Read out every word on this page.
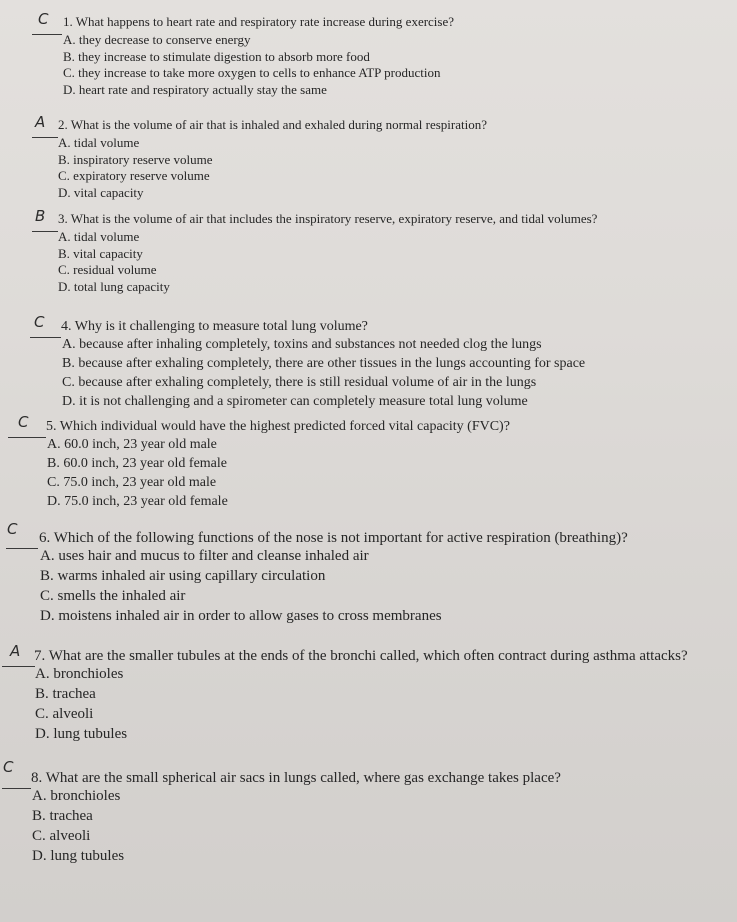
C 1. What happens to heart rate and respiratory rate increase during exercise?
A. they decrease to conserve energy
B. they increase to stimulate digestion to absorb more food
C. they increase to take more oxygen to cells to enhance ATP production
D. heart rate and respiratory actually stay the same
A 2. What is the volume of air that is inhaled and exhaled during normal respiration?
A. tidal volume
B. inspiratory reserve volume
C. expiratory reserve volume
D. vital capacity
B 3. What is the volume of air that includes the inspiratory reserve, expiratory reserve, and tidal volumes?
A. tidal volume
B. vital capacity
C. residual volume
D. total lung capacity
C 4. Why is it challenging to measure total lung volume?
A. because after inhaling completely, toxins and substances not needed clog the lungs
B. because after exhaling completely, there are other tissues in the lungs accounting for space
C. because after exhaling completely, there is still residual volume of air in the lungs
D. it is not challenging and a spirometer can completely measure total lung volume
C 5. Which individual would have the highest predicted forced vital capacity (FVC)?
A. 60.0 inch, 23 year old male
B. 60.0 inch, 23 year old female
C. 75.0 inch, 23 year old male
D. 75.0 inch, 23 year old female
C 6. Which of the following functions of the nose is not important for active respiration (breathing)?
A. uses hair and mucus to filter and cleanse inhaled air
B. warms inhaled air using capillary circulation
C. smells the inhaled air
D. moistens inhaled air in order to allow gases to cross membranes
A 7. What are the smaller tubules at the ends of the bronchi called, which often contract during asthma attacks?
A. bronchioles
B. trachea
C. alveoli
D. lung tubules
C
8. What are the small spherical air sacs in lungs called, where gas exchange takes place?
A. bronchioles
B. trachea
C. alveoli
D. lung tubules
